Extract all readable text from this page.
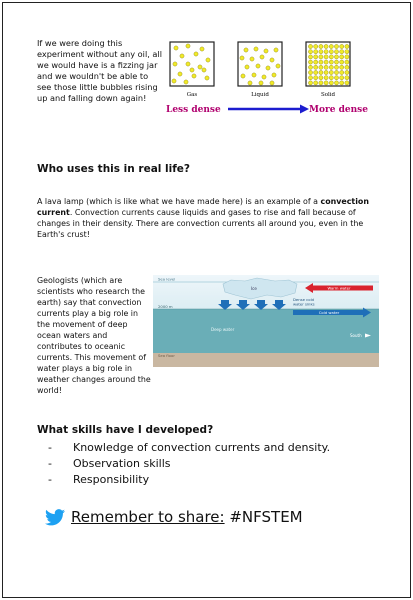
If we were doing this experiment without any oil, all we would have is a fizzing jar and we wouldn't be able to see those little bubbles rising up and falling down again!	Gas	Liquid	Solid
Less dense	More dense
Who uses this in real life?
A lava lamp (which is like what we have made here) is an example of a convection current. Convection currents cause liquids and gases to rise and fall because of changes in their density. There are convection currents all around you, even in the Earth's crust!
Geologists (which are scientists who research the earth) say that convection currents play a big role in the movement of deep ocean waters and contributes to oceanic currents. This movement of water plays a big role in weather changes around the world!
Ice
Sea level
Warm water
Dense cold
water sinks
Cold water
2000 m
Deep water
South
Sea floor
What skills have I developed?
-	Knowledge of convection currents and density.
-	Observation skills
-	Responsibility
Remember to share: #NFSTEM
